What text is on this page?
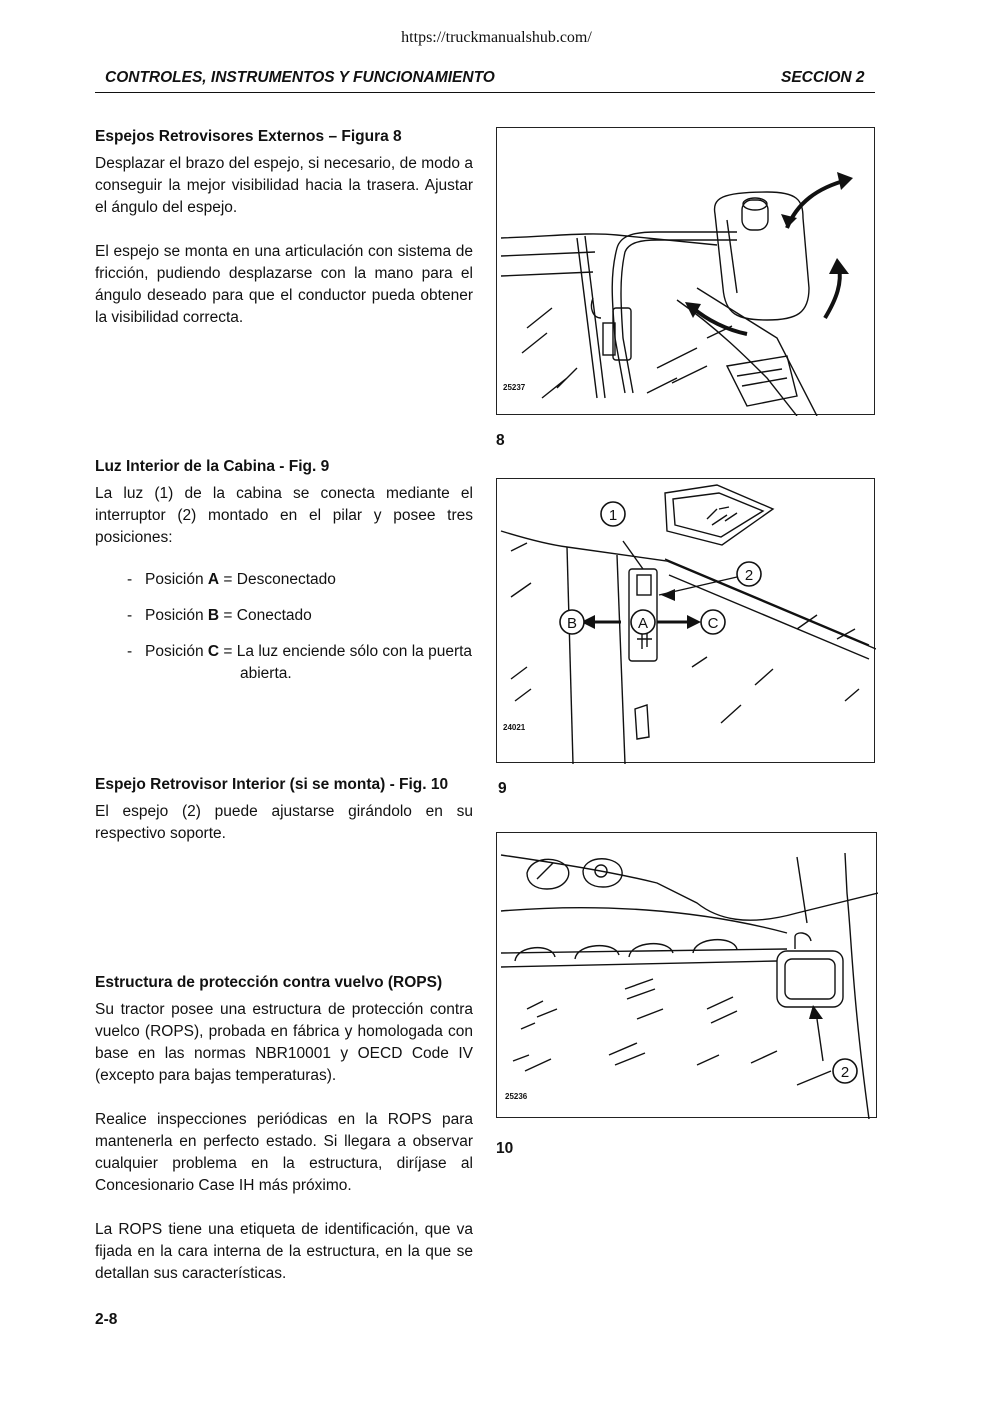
https://truckmanualshub.com/
CONTROLES, INSTRUMENTOS Y FUNCIONAMIENTO	SECCION 2
Espejos Retrovisores Externos – Figura 8

Desplazar el brazo del espejo, si necesario, de modo a conseguir la mejor visibilidad hacia la trasera. Ajustar el ángulo del espejo.

El espejo se monta en una articulación con sistema de fricción, pudiendo desplazarse con la mano para el ángulo deseado para que el conductor pueda obtener la visibilidad correcta.

Luz Interior de la Cabina - Fig. 9

La luz (1) de la cabina se conecta mediante el interruptor (2) montado en el pilar y posee tres posiciones:

- Posición A = Desconectado
- Posición B = Conectado
- Posición C = La luz enciende sólo con la puerta
abierta.
Espejo Retrovisor Interior (si se monta) - Fig. 10

El espejo (2) puede ajustarse girándolo en su respectivo soporte.

Estructura de protección contra vuelvo (ROPS)

Su tractor posee una estructura de protección contra vuelco (ROPS), probada en fábrica y homologada con base en las normas NBR10001 y OECD Code IV (excepto para bajas temperaturas).

Realice inspecciones periódicas en la ROPS para mantenerla en perfecto estado. Si llegara a observar cualquier problema en la estructura, diríjase al Concesionario Case IH más próximo.

La ROPS tiene una etiqueta de identificación, que va fijada en la cara interna de la estructura, en la que se detallan sus características.

25237
8
1
2
A
B	C
24021
9
2
25236
10
2-8
